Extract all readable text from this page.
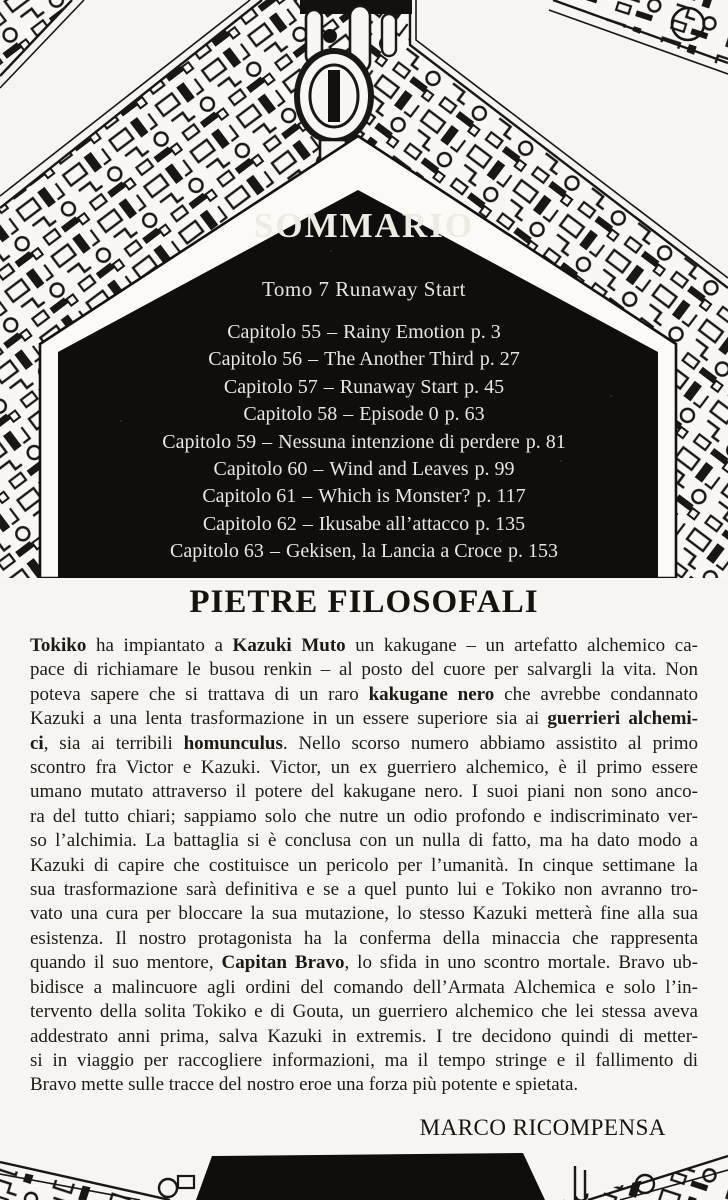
SOMMARIO
Tomo 7 Runaway Start
Capitolo 55 – Rainy Emotion p. 3
Capitolo 56 – The Another Third p. 27
Capitolo 57 – Runaway Start p. 45
Capitolo 58 – Episode 0 p. 63
Capitolo 59 – Nessuna intenzione di perdere p. 81
Capitolo 60 – Wind and Leaves p. 99
Capitolo 61 – Which is Monster? p. 117
Capitolo 62 – Ikusabe all’attacco p. 135
Capitolo 63 – Gekisen, la Lancia a Croce p. 153
PIETRE FILOSOFALI
Tokiko ha impiantato a Kazuki Muto un kakugane – un artefatto alchemico ca-
pace di richiamare le busou renkin – al posto del cuore per salvargli la vita. Non
poteva sapere che si trattava di un raro kakugane nero che avrebbe condannato
Kazuki a una lenta trasformazione in un essere superiore sia ai guerrieri alchemi-
ci, sia ai terribili homunculus. Nello scorso numero abbiamo assistito al primo
scontro fra Victor e Kazuki. Victor, un ex guerriero alchemico, è il primo essere
umano mutato attraverso il potere del kakugane nero. I suoi piani non sono anco-
ra del tutto chiari; sappiamo solo che nutre un odio profondo e indiscriminato ver-
so l’alchimia. La battaglia si è conclusa con un nulla di fatto, ma ha dato modo a
Kazuki di capire che costituisce un pericolo per l’umanità. In cinque settimane la
sua trasformazione sarà definitiva e se a quel punto lui e Tokiko non avranno tro-
vato una cura per bloccare la sua mutazione, lo stesso Kazuki metterà fine alla sua
esistenza. Il nostro protagonista ha la conferma della minaccia che rappresenta
quando il suo mentore, Capitan Bravo, lo sfida in uno scontro mortale. Bravo ub-
bidisce a malincuore agli ordini del comando dell’Armata Alchemica e solo l’in-
tervento della solita Tokiko e di Gouta, un guerriero alchemico che lei stessa aveva
addestrato anni prima, salva Kazuki in extremis. I tre decidono quindi di metter-
si in viaggio per raccogliere informazioni, ma il tempo stringe e il fallimento di
Bravo mette sulle tracce del nostro eroe una forza più potente e spietata.
MARCO RICOMPENSA
